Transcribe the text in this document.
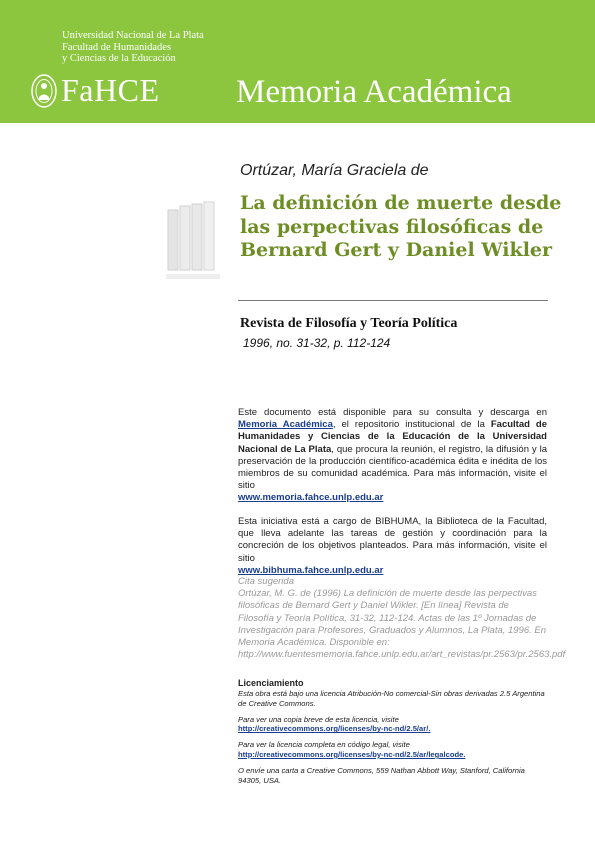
Universidad Nacional de La Plata
Facultad de Humanidades
y Ciencias de la Educación
FaHCE Memoria Académica
Ortúzar, María Graciela de
La definición de muerte desde las perpectivas filosóficas de Bernard Gert y Daniel Wikler
Revista de Filosofía y Teoría Política
1996, no. 31-32, p. 112-124
Este documento está disponible para su consulta y descarga en Memoria Académica, el repositorio institucional de la Facultad de Humanidades y Ciencias de la Educación de la Universidad Nacional de La Plata, que procura la reunión, el registro, la difusión y la preservación de la producción científico-académica édita e inédita de los miembros de su comunidad académica. Para más información, visite el sitio
www.memoria.fahce.unlp.edu.ar
Esta iniciativa está a cargo de BIBHUMA, la Biblioteca de la Facultad, que lleva adelante las tareas de gestión y coordinación para la concreción de los objetivos planteados. Para más información, visite el sitio
www.bibhuma.fahce.unlp.edu.ar
Cita sugerida
Ortúzar, M. G. de (1996) La definición de muerte desde las perpectivas filosóficas de Bernard Gert y Daniel Wikler. [En línea] Revista de Filosofía y Teoría Política, 31-32, 112-124. Actas de las 1º Jornadas de Investigación para Profesores, Graduados y Alumnos, La Plata, 1996. En Memoria Académica. Disponible en: http://www.fuentesmemoria.fahce.unlp.edu.ar/art_revistas/pr.2563/pr.2563.pdf
Licenciamiento
Esta obra está bajo una licencia Atribución-No comercial-Sin obras derivadas 2.5 Argentina de Creative Commons.
Para ver una copia breve de esta licencia, visite
http://creativecommons.org/licenses/by-nc-nd/2.5/ar/.
Para ver la licencia completa en código legal, visite
http://creativecommons.org/licenses/by-nc-nd/2.5/ar/legalcode.
O envíe una carta a Creative Commons, 559 Nathan Abbott Way, Stanford, California 94305, USA.
